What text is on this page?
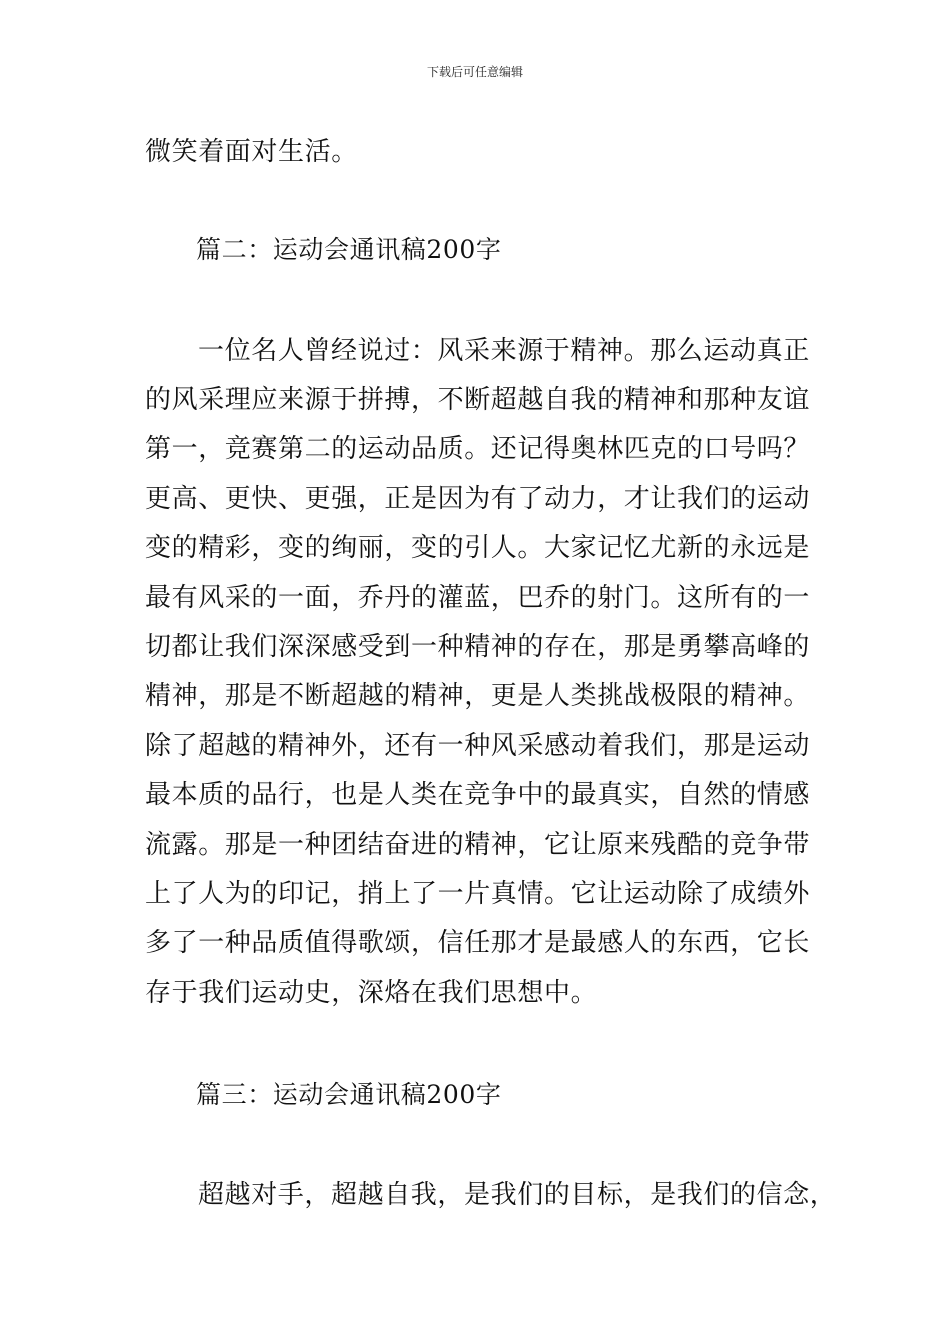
下载后可任意编辑
微笑着面对生活。
篇二：运动会通讯稿200字
一位名人曾经说过：风采来源于精神。那么运动真正
的风采理应来源于拼搏，不断超越自我的精神和那种友谊
第一，竞赛第二的运动品质。还记得奥林匹克的口号吗？
更高、更快、更强，正是因为有了动力，才让我们的运动
变的精彩，变的绚丽，变的引人。大家记忆尤新的永远是
最有风采的一面，乔丹的灌蓝，巴乔的射门。这所有的一
切都让我们深深感受到一种精神的存在，那是勇攀高峰的
精神，那是不断超越的精神，更是人类挑战极限的精神。
除了超越的精神外，还有一种风采感动着我们，那是运动
最本质的品行，也是人类在竞争中的最真实，自然的情感
流露。那是一种团结奋进的精神，它让原来残酷的竞争带
上了人为的印记，捎上了一片真情。它让运动除了成绩外
多了一种品质值得歌颂，信任那才是最感人的东西，它长
存于我们运动史，深烙在我们思想中。
篇三：运动会通讯稿200字
超越对手，超越自我，是我们的目标，是我们的信念，
